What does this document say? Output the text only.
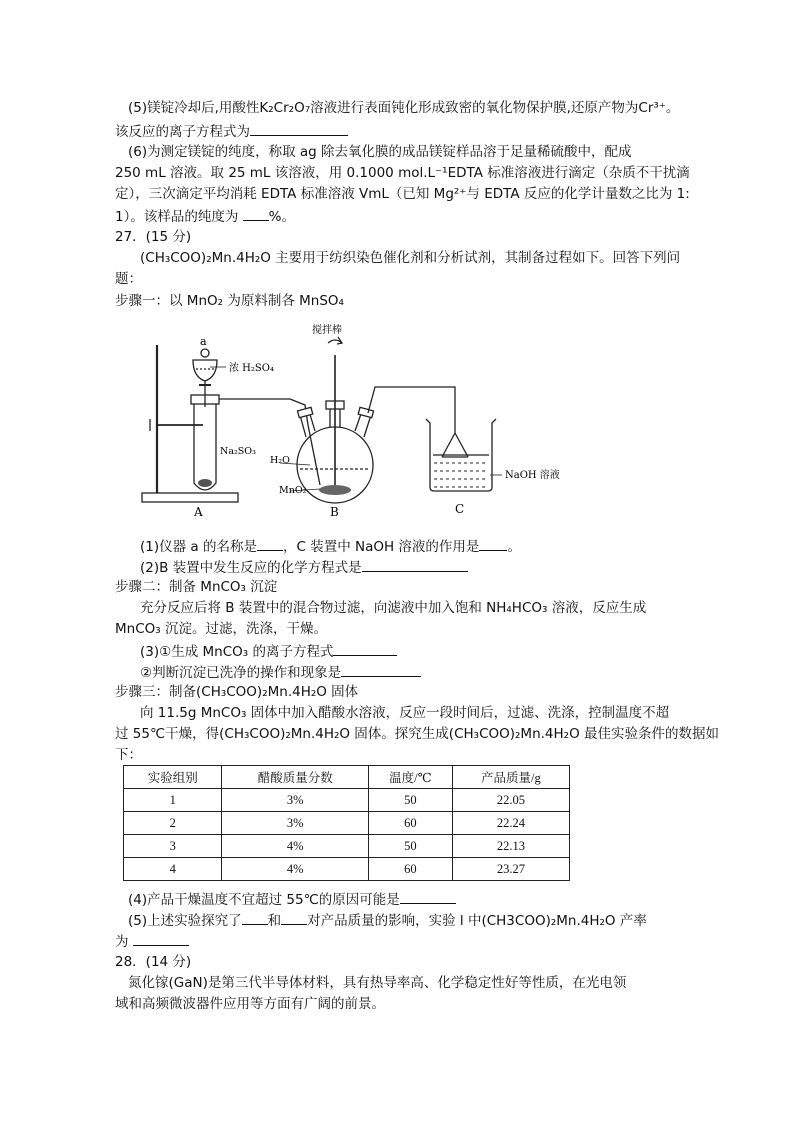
(5)镁锭冷却后,用酸性K₂Cr₂O₇溶液进行表面钝化形成致密的氧化物保护膜,还原产物为Cr³⁺。
该反应的离子方程式为
(6)为测定镁锭的纯度，称取 ag 除去氧化膜的成品镁锭样品溶于足量稀硫酸中，配成
250 mL 溶液。取 25 mL 该溶液，用 0.1000 mol.L⁻¹EDTA 标准溶液进行滴定（杂质不干扰滴
定），三次滴定平均消耗 EDTA 标准溶液 VmL（已知 Mg²⁺与 EDTA 反应的化学计量数之比为 1:
1）。该样品的纯度为 %。
27．(15 分)
(CH₃COO)₂Mn.4H₂O 主要用于纺织染色催化剂和分析试剂，其制备过程如下。回答下列问
题：
步骤一：以 MnO₂ 为原料制各 MnSO₄
a
浓 H₂SO₄
Na₂SO₃
搅拌棒
H₂O
MnO₂
NaOH 溶液
A	B	C
(1)仪器 a 的名称是 ，C 装置中 NaOH 溶液的作用是 。
(2)B 装置中发生反应的化学方程式是
步骤二：制备 MnCO₃ 沉淀
充分反应后将 B 装置中的混合物过滤，向滤液中加入饱和 NH₄HCO₃ 溶液，反应生成
MnCO₃ 沉淀。过滤，洗涤，干燥。
(3)①生成 MnCO₃ 的离子方程式
②判断沉淀已洗净的操作和现象是
步骤三：制备(CH₃COO)₂Mn.4H₂O 固体
向 11.5g MnCO₃ 固体中加入醋酸水溶液，反应一段时间后，过滤、洗涤，控制温度不超
过 55℃干燥，得(CH₃COO)₂Mn.4H₂O 固体。探究生成(CH₃COO)₂Mn.4H₂O 最佳实验条件的数据如
下：
实验组别	醋酸质量分数	温度/℃	产品质量/g
1	3%	50	22.05
2	3%	60	22.24
3	4%	50	22.13
4	4%	60	23.27
(4)产品干燥温度不宜超过 55℃的原因可能是
(5)上述实验探究了 和 对产品质量的影响，实验 l 中(CH3COO)₂Mn.4H₂O 产率
为
28．(14 分)
氮化镓(GaN)是第三代半导体材料，具有热导率高、化学稳定性好等性质，在光电领
域和高频微波器件应用等方面有广阔的前景。
